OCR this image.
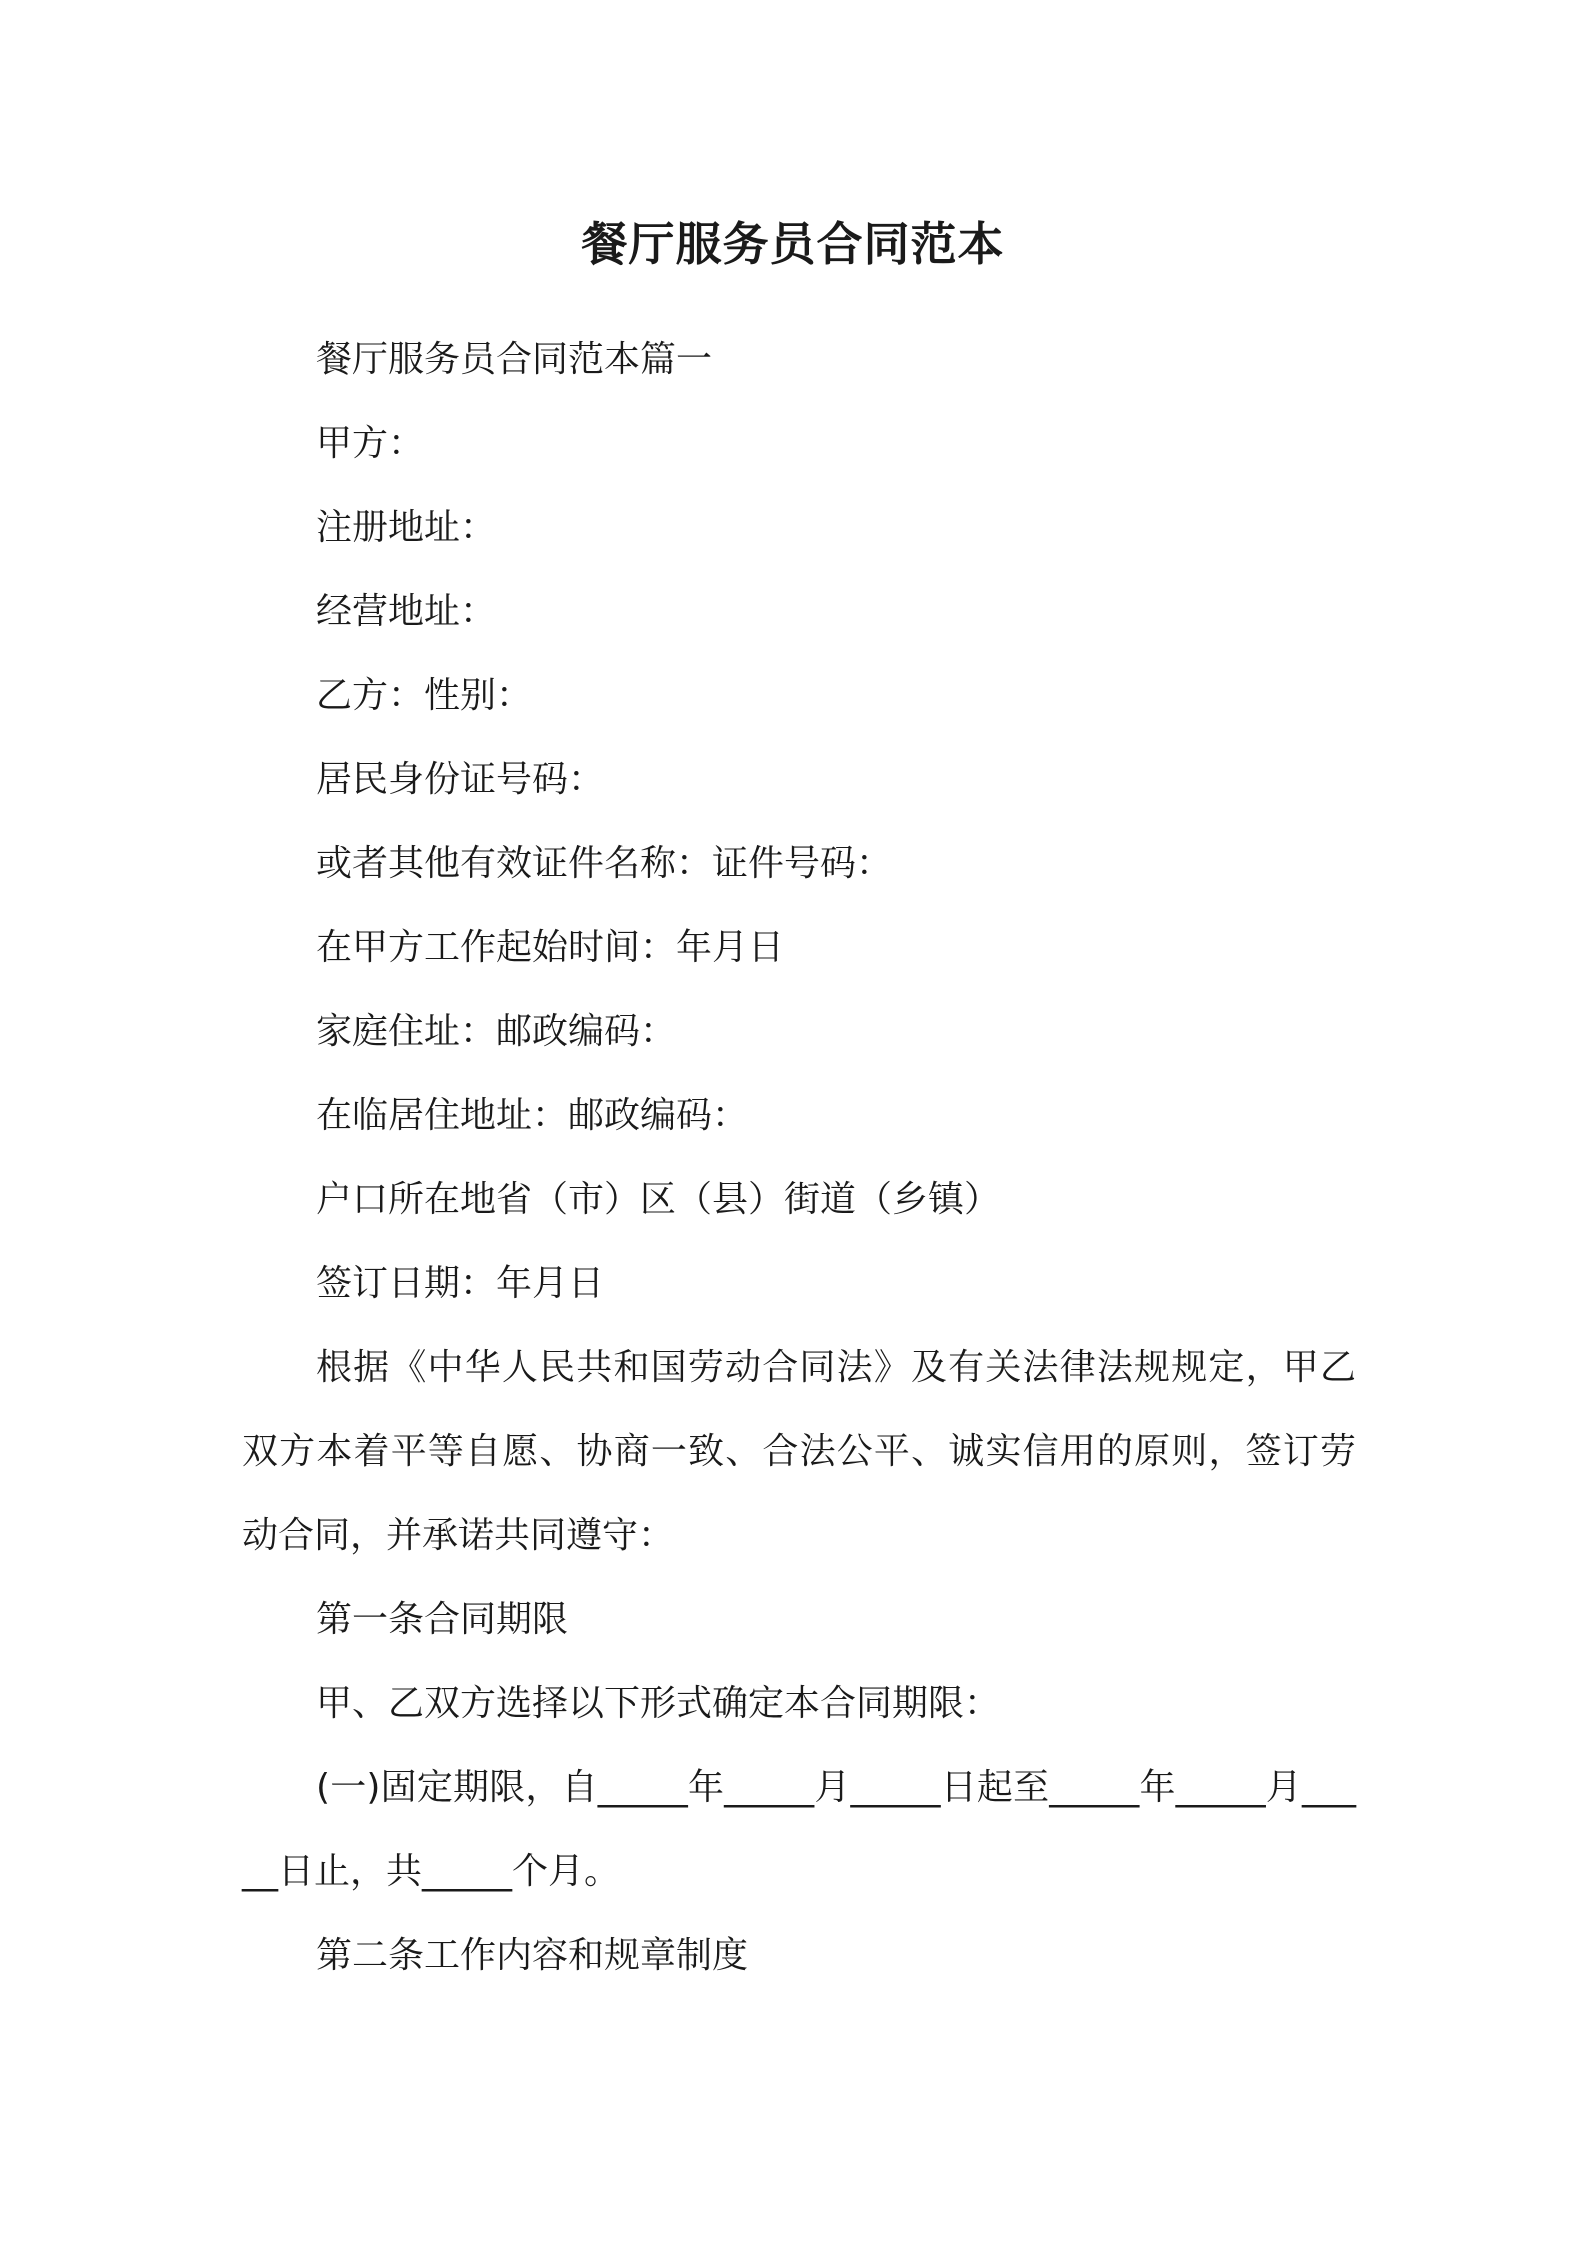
餐厅服务员合同范本

餐厅服务员合同范本篇一

甲方：

注册地址：

经营地址：

乙方：性别：

居民身份证号码：

或者其他有效证件名称：证件号码：

在甲方工作起始时间：年月日

家庭住址：邮政编码：

在临居住地址：邮政编码：

户口所在地省（市）区（县）街道（乡镇）

签订日期：年月日

根据《中华人民共和国劳动合同法》及有关法律法规规定，甲乙双方本着平等自愿、协商一致、合法公平、诚实信用的原则，签订劳动合同，并承诺共同遵守：

第一条合同期限

甲、乙双方选择以下形式确定本合同期限：

(一)固定期限，自_____年_____月_____日起至_____年_____月_____日止，共_____个月。

第二条工作内容和规章制度
